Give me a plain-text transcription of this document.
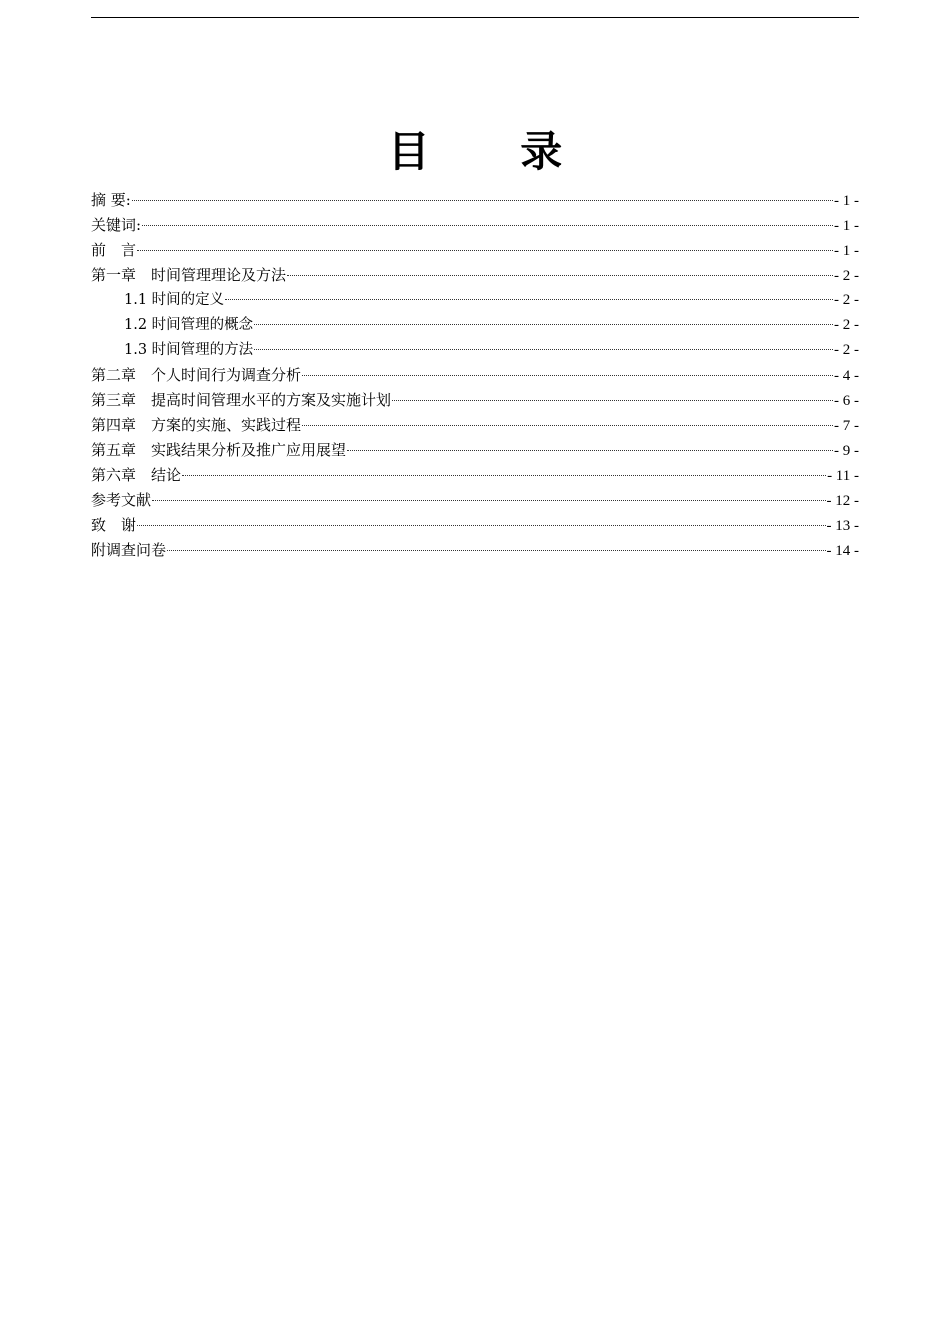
目 录
摘 要:	- 1 -
关键词:	- 1 -
前　言	- 1 -
第一章　时间管理理论及方法	- 2 -
1.1 时间的定义	- 2 -
1.2 时间管理的概念	- 2 -
1.3 时间管理的方法	- 2 -
第二章　个人时间行为调查分析	- 4 -
第三章　提高时间管理水平的方案及实施计划	- 6 -
第四章　方案的实施、实践过程	- 7 -
第五章　实践结果分析及推广应用展望	- 9 -
第六章　结论	- 11 -
参考文献	- 12 -
致　谢	- 13 -
附调查问卷	- 14 -
